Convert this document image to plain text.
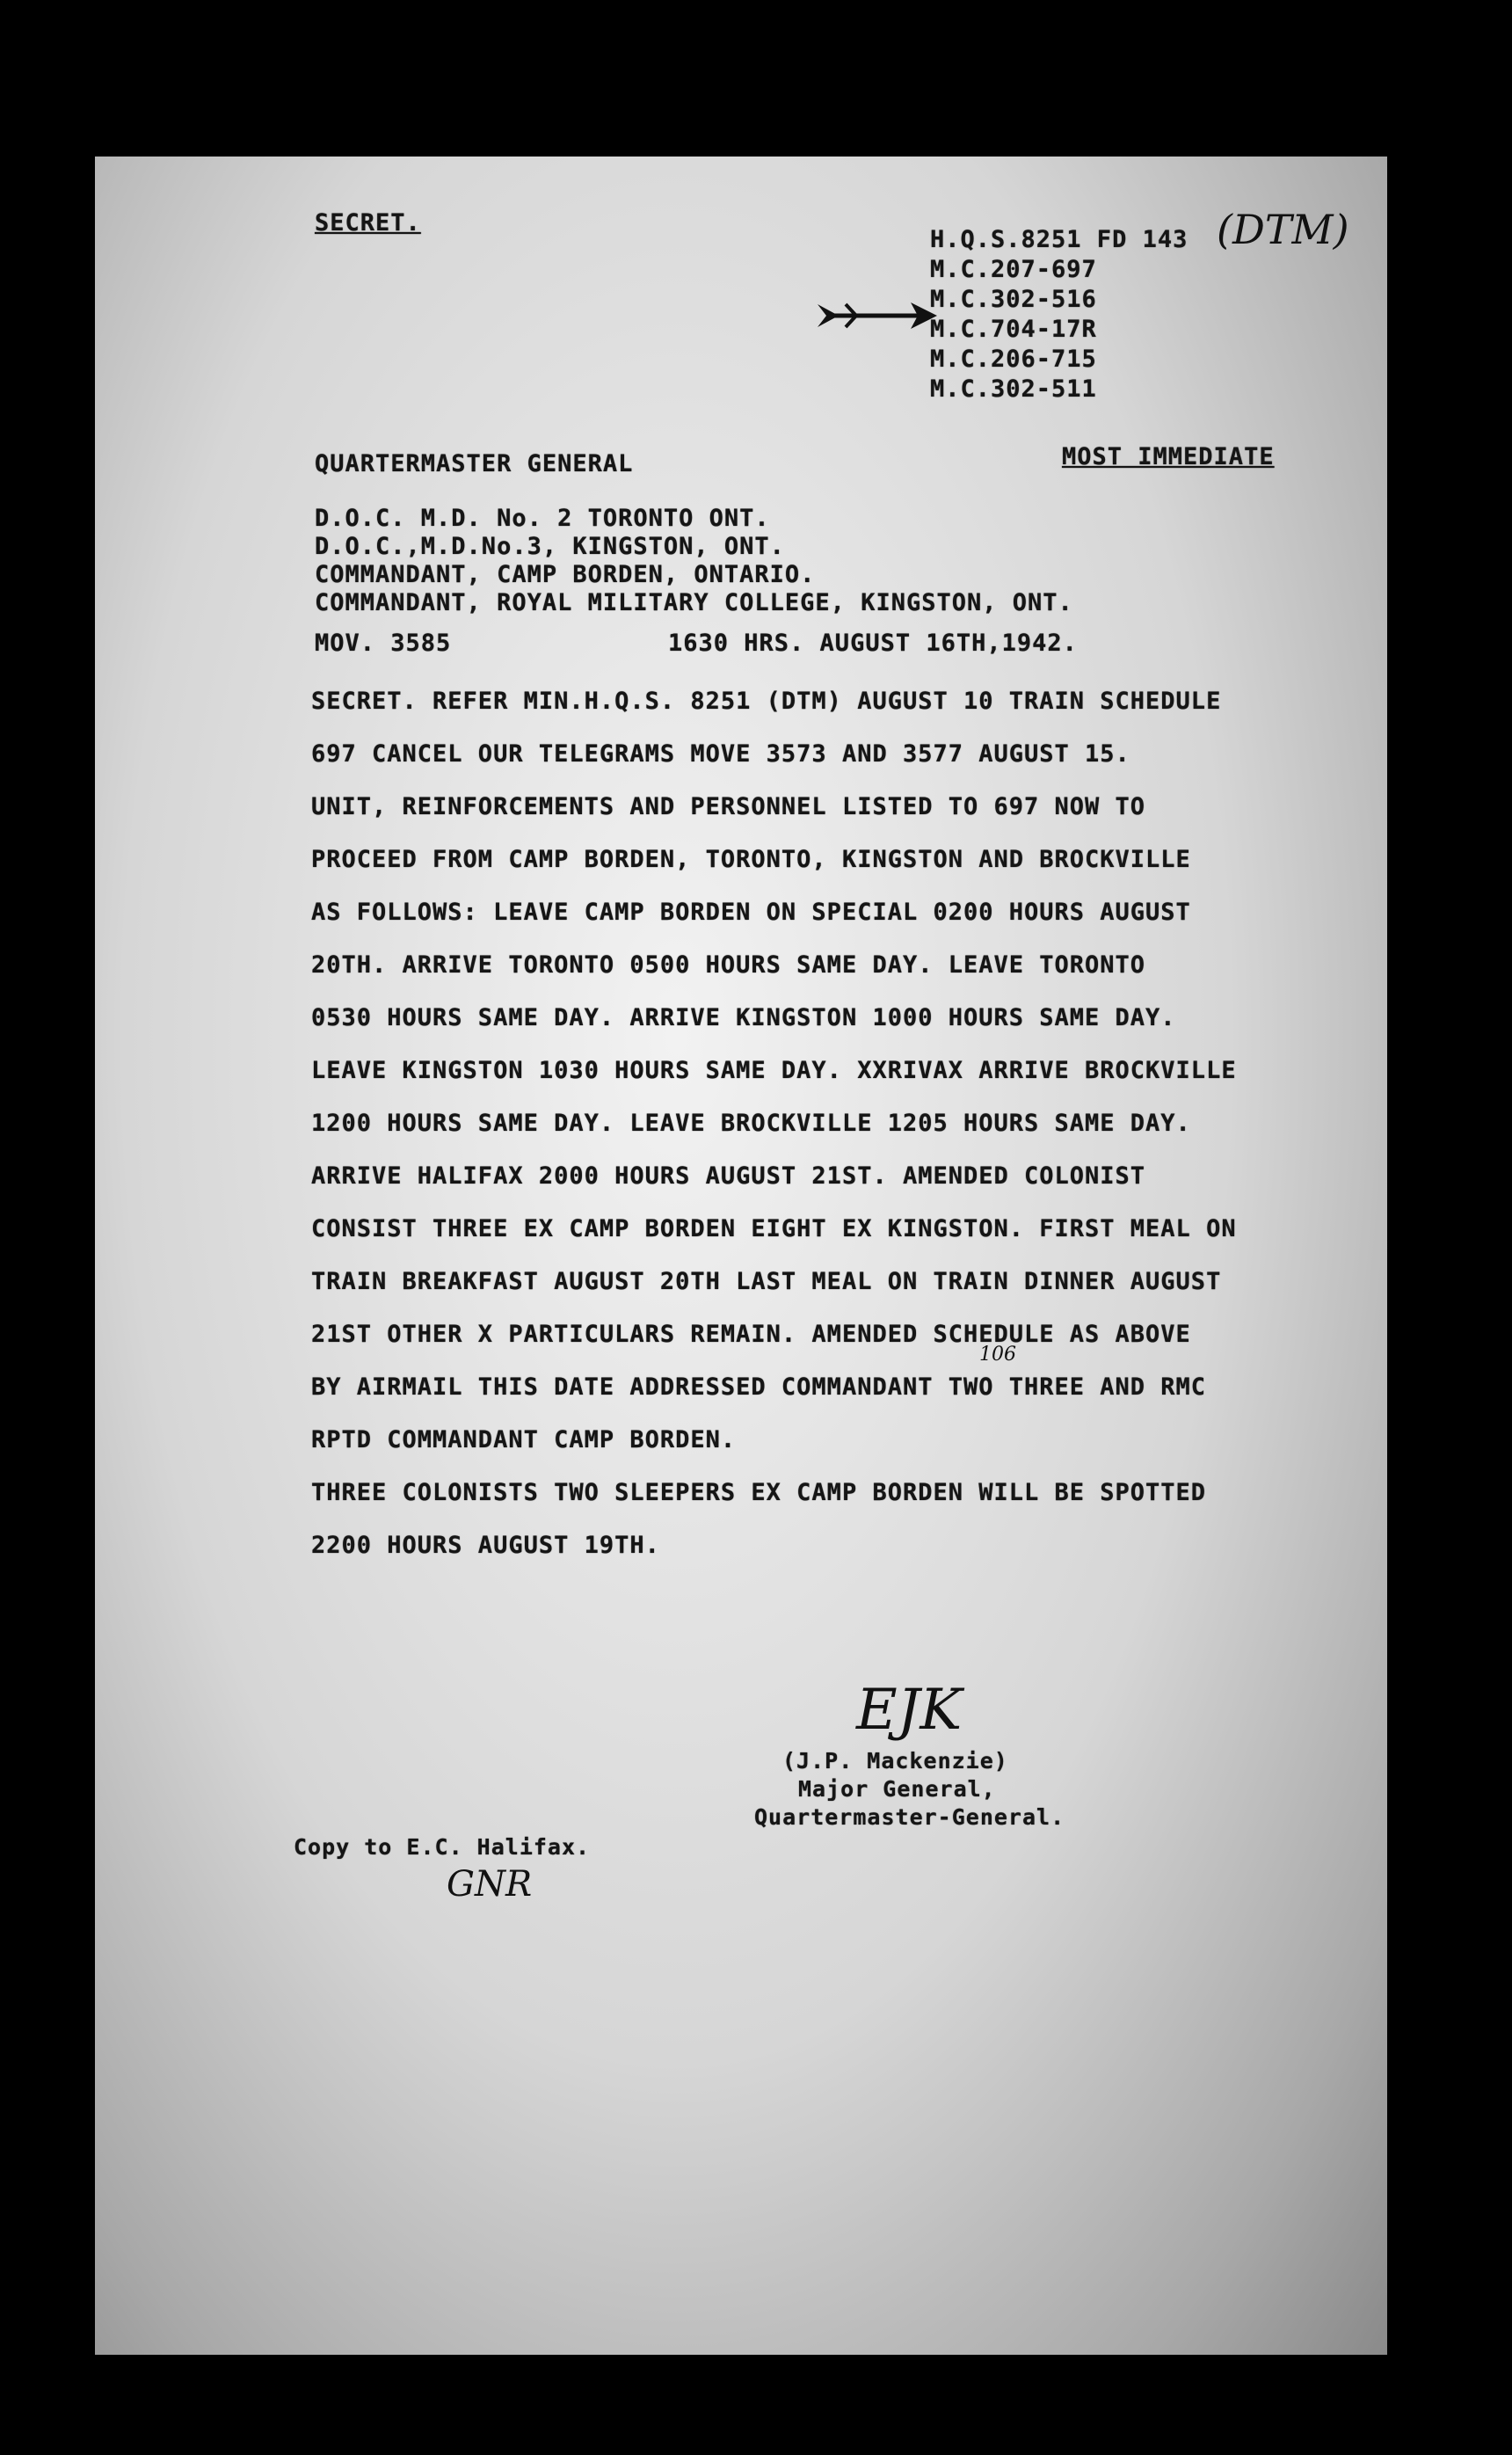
SECRET.
H.Q.S.8251 FD 143
M.C.207-697
M.C.302-516
M.C.704-17R
M.C.206-715
M.C.302-511
(DTM)
MOST IMMEDIATE
QUARTERMASTER GENERAL
D.O.C. M.D. No. 2 TORONTO ONT.
D.O.C.,M.D.No.3, KINGSTON, ONT.
COMMANDANT, CAMP BORDEN, ONTARIO.
COMMANDANT, ROYAL MILITARY COLLEGE, KINGSTON, ONT.
MOV. 3585	1630 HRS. AUGUST 16TH,1942.
SECRET. REFER MIN.H.Q.S. 8251 (DTM) AUGUST 10 TRAIN SCHEDULE
697 CANCEL OUR TELEGRAMS MOVE 3573 AND 3577 AUGUST 15.
UNIT, REINFORCEMENTS AND PERSONNEL LISTED TO 697 NOW TO
PROCEED FROM CAMP BORDEN, TORONTO, KINGSTON AND BROCKVILLE
AS FOLLOWS: LEAVE CAMP BORDEN ON SPECIAL 0200 HOURS AUGUST
20TH. ARRIVE TORONTO 0500 HOURS SAME DAY. LEAVE TORONTO
0530 HOURS SAME DAY. ARRIVE KINGSTON 1000 HOURS SAME DAY.
LEAVE KINGSTON 1030 HOURS SAME DAY. XXRIVAX ARRIVE BROCKVILLE
1200 HOURS SAME DAY. LEAVE BROCKVILLE 1205 HOURS SAME DAY.
ARRIVE HALIFAX 2000 HOURS AUGUST 21ST. AMENDED COLONIST
CONSIST THREE EX CAMP BORDEN EIGHT EX KINGSTON. FIRST MEAL ON
TRAIN BREAKFAST AUGUST 20TH LAST MEAL ON TRAIN DINNER AUGUST
21ST OTHER X PARTICULARS REMAIN. AMENDED SCHEDULE AS ABOVE
BY AIRMAIL THIS DATE ADDRESSED COMMANDANT TWO THREE AND RMC
RPTD COMMANDANT CAMP BORDEN.
THREE COLONISTS TWO SLEEPERS EX CAMP BORDEN WILL BE SPOTTED
2200 HOURS AUGUST 19TH.
106
EJK
(J.P. Mackenzie)
Major General,
Quartermaster-General.
Copy to E.C. Halifax.
GNR
